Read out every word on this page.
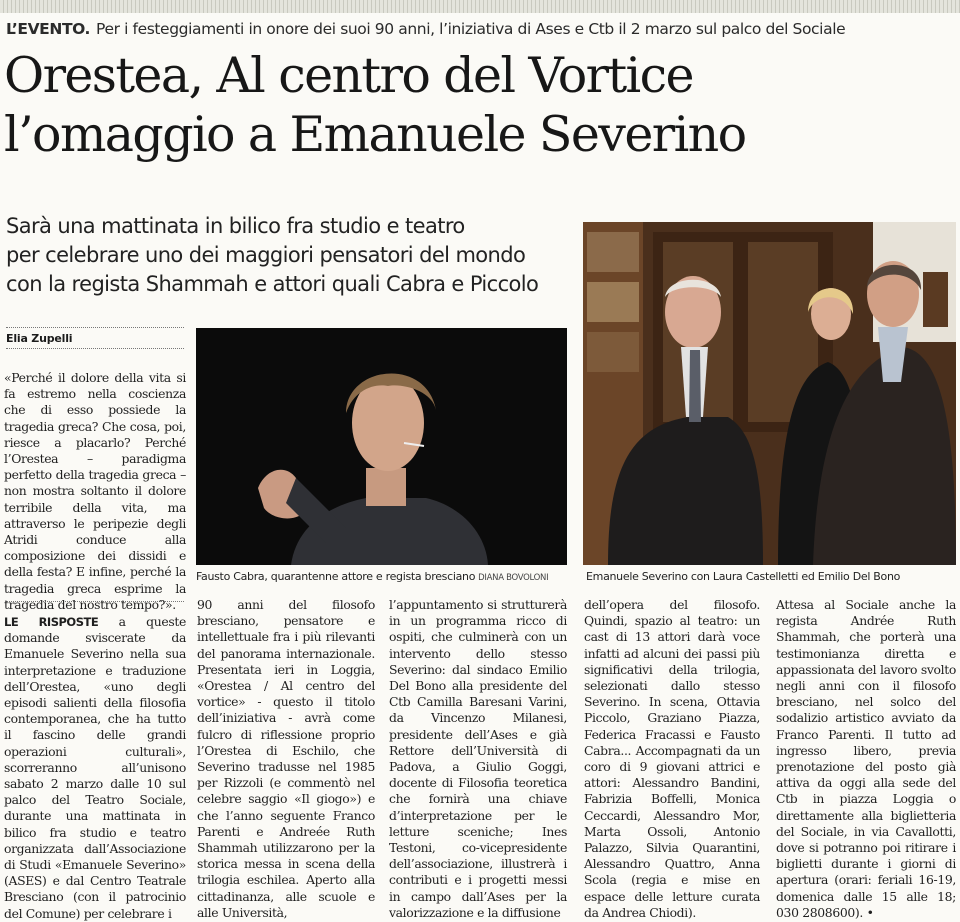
L’EVENTO. Per i festeggiamenti in onore dei suoi 90 anni, l’iniziativa di Ases e Ctb il 2 marzo sul palco del Sociale
Orestea, Al centro del Vortice
l’omaggio a Emanuele Severino
Sarà una mattinata in bilico fra studio e teatro
per celebrare uno dei maggiori pensatori del mondo
con la regista Shammah e attori quali Cabra e Piccolo
Elia Zupelli

«Perché il dolore della vita si fa estremo nella coscienza che di esso possiede la tragedia greca? Che cosa, poi, riesce a placarlo? Perché l’Orestea – paradigma perfetto della tragedia greca – non mostra soltanto il dolore terribile della vita, ma attraverso le peripezie degli Atridi conduce alla composizione dei dissidi e della festa? E infine, perché la tragedia greca esprime la tragedia del nostro tempo?».

Fausto Cabra, quarantenne attore e regista bresciano DIANA BOVOLONI	Emanuele Severino con Laura Castelletti ed Emilio Del Bono

LE RISPOSTE a queste domande sviscerate da Emanuele Severino nella sua interpretazione e traduzione dell’Orestea, «uno degli episodi salienti della filosofia contemporanea, che ha tutto il fascino delle grandi operazioni culturali», scorreranno all’unisono sabato 2 marzo dalle 10 sul palco del Teatro Sociale, durante una mattinata in bilico fra studio e teatro organizzata dall’Associazione di Studi «Emanuele Severino» (ASES) e dal Centro Teatrale Bresciano (con il patrocinio del Comune) per celebrare i

90 anni del filosofo bresciano, pensatore e intellettuale fra i più rilevanti del panorama internazionale. Presentata ieri in Loggia, «Orestea / Al centro del vortice» - questo il titolo dell’iniziativa - avrà come fulcro di riflessione proprio l’Orestea di Eschilo, che Severino tradusse nel 1985 per Rizzoli (e commentò nel celebre saggio «Il giogo») e che l’anno seguente Franco Parenti e Andreée Ruth Shammah utilizzarono per la storica messa in scena della trilogia eschilea. Aperto alla cittadinanza, alle scuole e alle Università,

l’appuntamento si strutturerà in un programma ricco di ospiti, che culminerà con un intervento dello stesso Severino: dal sindaco Emilio Del Bono alla presidente del Ctb Camilla Baresani Varini, da Vincenzo Milanesi, presidente dell’Ases e già Rettore dell’Università di Padova, a Giulio Goggi, docente di Filosofia teoretica che fornirà una chiave d’interpretazione per le letture sceniche; Ines Testoni, co-vicepresidente dell’associazione, illustrerà i contributi e i progetti messi in campo dall’Ases per la valorizzazione e la diffusione

dell’opera del filosofo. Quindi, spazio al teatro: un cast di 13 attori darà voce infatti ad alcuni dei passi più significativi della trilogia, selezionati dallo stesso Severino. In scena, Ottavia Piccolo, Graziano Piazza, Federica Fracassi e Fausto Cabra... Accompagnati da un coro di 9 giovani attrici e attori: Alessandro Bandini, Fabrizia Boffelli, Monica Ceccardi, Alessandro Mor, Marta Ossoli, Antonio Palazzo, Silvia Quarantini, Alessandro Quattro, Anna Scola (regia e mise en espace delle letture curata da Andrea Chiodi).

Attesa al Sociale anche la regista Andrée Ruth Shammah, che porterà una testimonianza diretta e appassionata del lavoro svolto negli anni con il filosofo bresciano, nel solco del sodalizio artistico avviato da Franco Parenti. Il tutto ad ingresso libero, previa prenotazione del posto già attiva da oggi alla sede del Ctb in piazza Loggia o direttamente alla biglietteria del Sociale, in via Cavallotti, dove si potranno poi ritirare i biglietti durante i giorni di apertura (orari: feriali 16-19, domenica dalle 15 alle 18; 030 2808600). •
